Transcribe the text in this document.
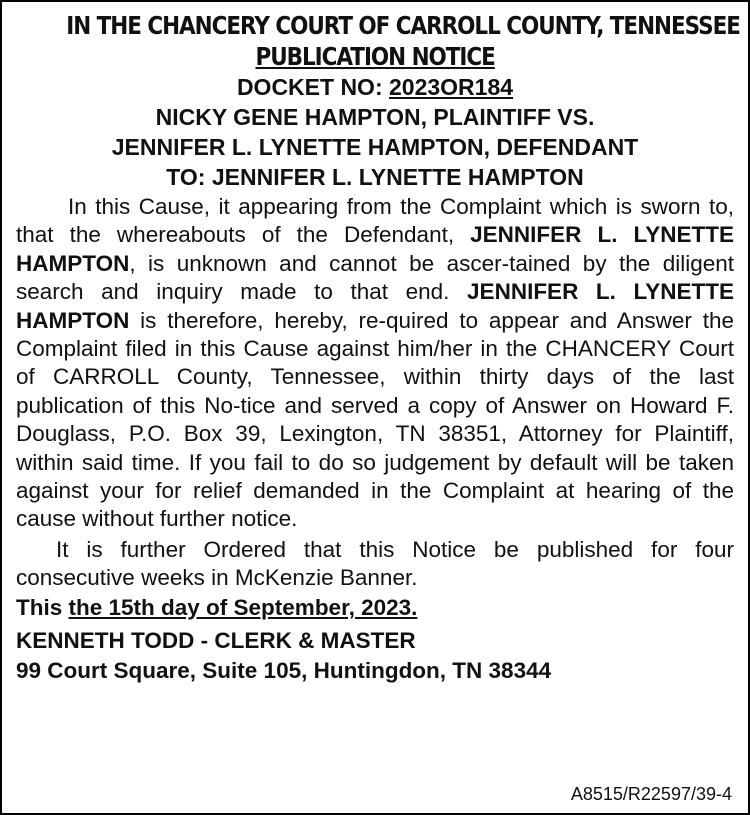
IN THE CHANCERY COURT OF CARROLL COUNTY, TENNESSEE
PUBLICATION NOTICE
DOCKET NO: 2023OR184
NICKY GENE HAMPTON, PLAINTIFF VS.
JENNIFER L. LYNETTE HAMPTON, DEFENDANT
TO: JENNIFER L. LYNETTE HAMPTON

In this Cause, it appearing from the Complaint which is sworn to, that the whereabouts of the Defendant, JENNIFER L. LYNETTE HAMPTON, is unknown and cannot be ascer-tained by the diligent search and inquiry made to that end. JENNIFER L. LYNETTE HAMPTON is therefore, hereby, re-quired to appear and Answer the Complaint filed in this Cause against him/her in the CHANCERY Court of CARROLL County, Tennessee, within thirty days of the last publication of this No-tice and served a copy of Answer on Howard F. Douglass, P.O. Box 39, Lexington, TN 38351, Attorney for Plaintiff, within said time. If you fail to do so judgement by default will be taken against your for relief demanded in the Complaint at hearing of the cause without further notice.

It is further Ordered that this Notice be published for four consecutive weeks in McKenzie Banner.

This the 15th day of September, 2023.
KENNETH TODD - CLERK & MASTER
99 Court Square, Suite 105, Huntingdon, TN 38344
A8515/R22597/39-4
